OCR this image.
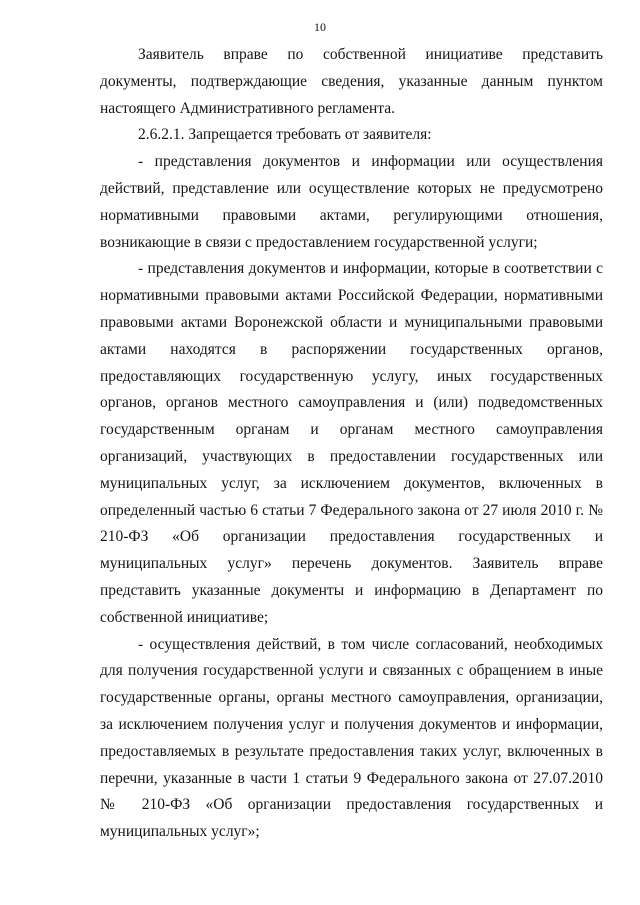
10

Заявитель вправе по собственной инициативе представить документы, подтверждающие сведения, указанные данным пунктом настоящего Административного регламента.

2.6.2.1. Запрещается требовать от заявителя:

- представления документов и информации или осуществления действий, представление или осуществление которых не предусмотрено нормативными правовыми актами, регулирующими отношения, возникающие в связи с предоставлением государственной услуги;

- представления документов и информации, которые в соответствии с нормативными правовыми актами Российской Федерации, нормативными правовыми актами Воронежской области и муниципальными правовыми актами находятся в распоряжении государственных органов, предоставляющих государственную услугу, иных государственных органов, органов местного самоуправления и (или) подведомственных государственным органам и органам местного самоуправления организаций, участвующих в предоставлении государственных или муниципальных услуг, за исключением документов, включенных в определенный частью 6 статьи 7 Федерального закона от 27 июля 2010 г. № 210-ФЗ «Об организации предоставления государственных и муниципальных услуг» перечень документов. Заявитель вправе представить указанные документы и информацию в Департамент по собственной инициативе;

- осуществления действий, в том числе согласований, необходимых для получения государственной услуги и связанных с обращением в иные государственные органы, органы местного самоуправления, организации, за исключением получения услуг и получения документов и информации, предоставляемых в результате предоставления таких услуг, включенных в перечни, указанные в части 1 статьи 9 Федерального закона от 27.07.2010 № 210-ФЗ «Об организации предоставления государственных и муниципальных услуг»;
